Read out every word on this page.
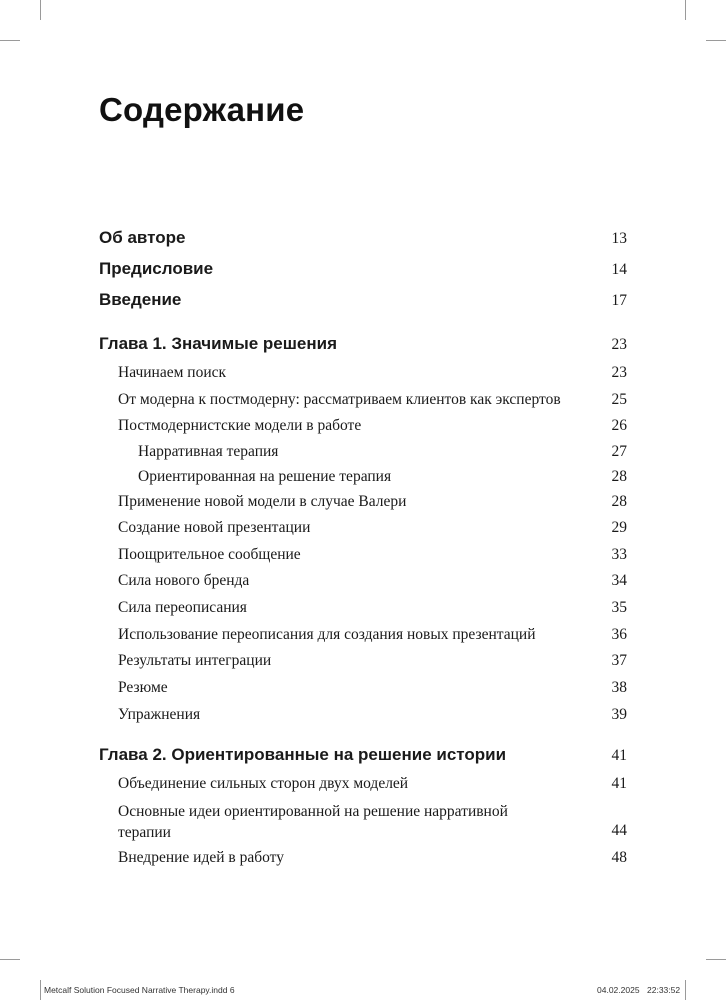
Содержание
Об авторе	13
Предисловие	14
Введение	17
Глава 1. Значимые решения	23
Начинаем поиск	23
От модерна к постмодерну: рассматриваем клиентов как экспертов	25
Постмодернистские модели в работе	26
Нарративная терапия	27
Ориентированная на решение терапия	28
Применение новой модели в случае Валери	28
Создание новой презентации	29
Поощрительное сообщение	33
Сила нового бренда	34
Сила переописания	35
Использование переописания для создания новых презентаций	36
Результаты интеграции	37
Резюме	38
Упражнения	39
Глава 2. Ориентированные на решение истории	41
Объединение сильных сторон двух моделей	41
Основные идеи ориентированной на решение нарративной терапии	44
Внедрение идей в работу	48
Metcalf Solution Focused Narrative Therapy.indd 6	04.02.2025 22:33:52
